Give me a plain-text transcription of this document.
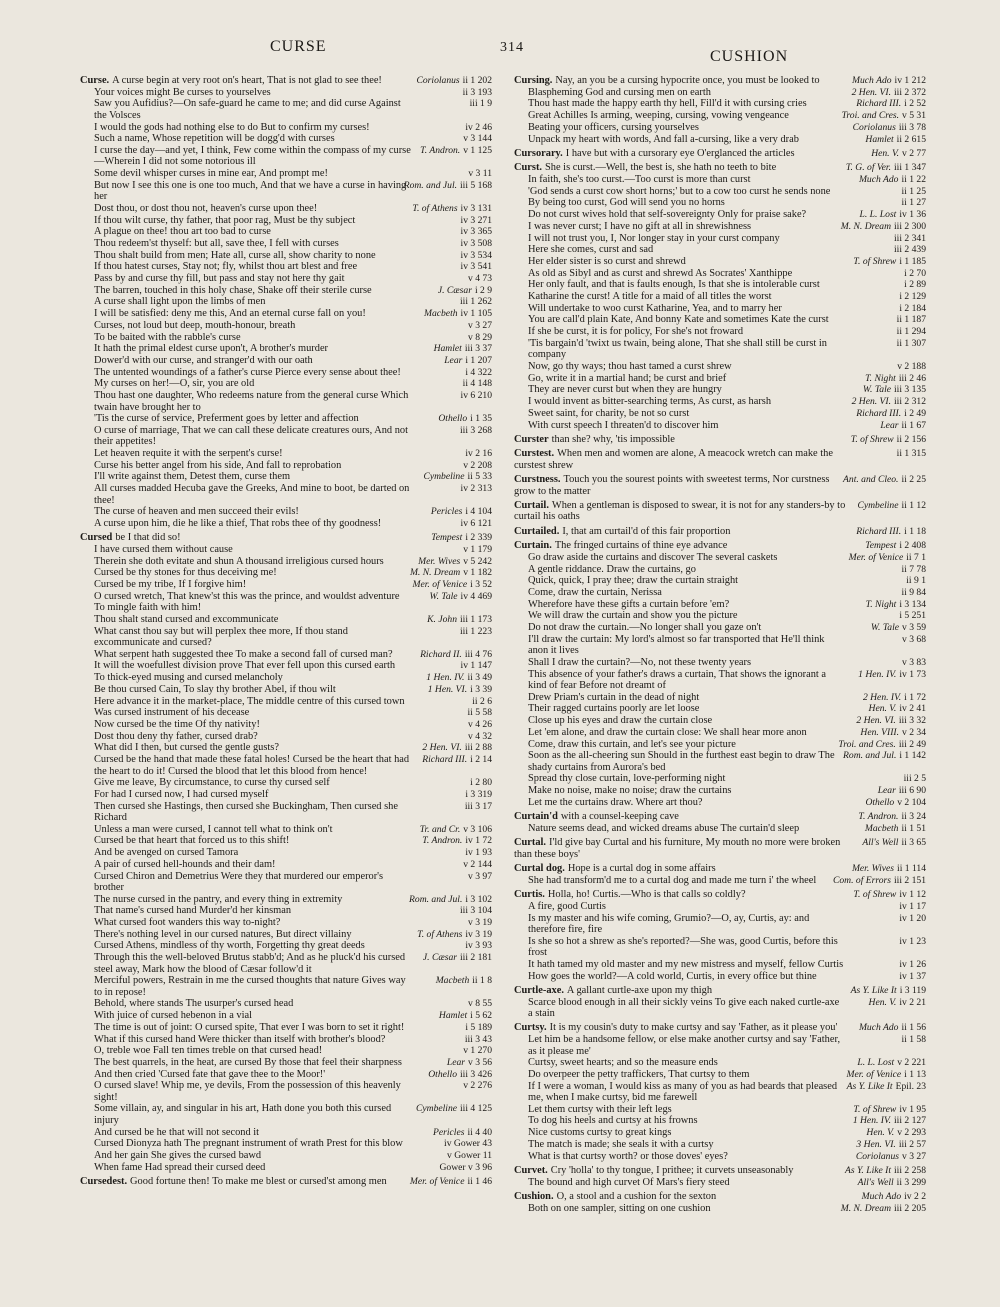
CURSE	314
CUSHION
Curse. A curse begin at very root on's heart, That is not glad to see thee!	Coriolanus ii 1 202
Your voices might Be curses to yourselves	ii 3 193
Saw you Aufidius?—On safe-guard he came to me; and did curse Against the Volsces
iii 1 9
I would the gods had nothing else to do But to confirm my curses!	iv 2 46
Such a name, Whose repetition will be dogg'd with curses	v 3 144
I curse the day—and yet, I think, Few come within the compass of my curse—Wherein I did not some notorious ill
T. Andron. v 1 125
Some devil whisper curses in mine ear, And prompt me!	v 3 11
But now I see this one is one too much, And that we have a curse in having her
Rom. and Jul. iii 5 168
Dost thou, or dost thou not, heaven's curse upon thee!	T. of Athens iv 3 131
If thou wilt curse, thy father, that poor rag, Must be thy subject	iv 3 271
A plague on thee! thou art too bad to curse	iv 3 365
Thou redeem'st thyself: but all, save thee, I fell with curses	iv 3 508
Thou shalt build from men; Hate all, curse all, show charity to none	iv 3 534
If thou hatest curses, Stay not; fly, whilst thou art blest and free	iv 3 541
Pass by and curse thy fill, but pass and stay not here thy gait	v 4 73
The barren, touched in this holy chase, Shake off their sterile curse	J. Cæsar i 2 9
A curse shall light upon the limbs of men	iii 1 262
I will be satisfied: deny me this, And an eternal curse fall on you!	Macbeth iv 1 105
Curses, not loud but deep, mouth-honour, breath	v 3 27
To be baited with the rabble's curse	v 8 29
It hath the primal eldest curse upon't, A brother's murder	Hamlet iii 3 37
Dower'd with our curse, and stranger'd with our oath	Lear i 1 207
The untented woundings of a father's curse Pierce every sense about thee!	i 4 322
My curses on her!—O, sir, you are old	ii 4 148
Thou hast one daughter, Who redeems nature from the general curse Which twain have brought her to
iv 6 210
'Tis the curse of service, Preferment goes by letter and affection	Othello i 1 35
O curse of marriage, That we can call these delicate creatures ours, And not their appetites!
iii 3 268
Let heaven requite it with the serpent's curse!	iv 2 16
Curse his better angel from his side, And fall to reprobation	v 2 208
I'll write against them, Detest them, curse them	Cymbeline ii 5 33
All curses madded Hecuba gave the Greeks, And mine to boot, be darted on thee!
iv 2 313
The curse of heaven and men succeed their evils!	Pericles i 4 104
A curse upon him, die he like a thief, That robs thee of thy goodness!	iv 6 121
Cursed be I that did so!	Tempest i 2 339
I have cursed them without cause	v 1 179
Therein she doth evitate and shun A thousand irreligious cursed hours	Mer. Wives v 5 242
Cursed be thy stones for thus deceiving me!	M. N. Dream v 1 182
Cursed be my tribe, If I forgive him!	Mer. of Venice i 3 52
O cursed wretch, That knew'st this was the prince, and wouldst adventure To mingle faith with him!
W. Tale iv 4 469
Thou shalt stand cursed and excommunicate	K. John iii 1 173
What canst thou say but will perplex thee more, If thou stand excommunicate and cursed?
iii 1 223
What serpent hath suggested thee To make a second fall of cursed man?	Richard II. iii 4 76
It will the woefullest division prove That ever fell upon this cursed earth	iv 1 147
To thick-eyed musing and cursed melancholy	1 Hen. IV. ii 3 49
Be thou cursed Cain, To slay thy brother Abel, if thou wilt	1 Hen. VI. i 3 39
Here advance it in the market-place, The middle centre of this cursed town	ii 2 6
Was cursed instrument of his decease	ii 5 58
Now cursed be the time Of thy nativity!	v 4 26
Dost thou deny thy father, cursed drab?	v 4 32
What did I then, but cursed the gentle gusts?	2 Hen. VI. iii 2 88
Cursed be the hand that made these fatal holes! Cursed be the heart that had the heart to do it! Cursed the blood that let this blood from hence!
Richard III. i 2 14
Give me leave, By circumstance, to curse thy cursed self	i 2 80
For had I cursed now, I had cursed myself	i 3 319
Then cursed she Hastings, then cursed she Buckingham, Then cursed she Richard
iii 3 17
Unless a man were cursed, I cannot tell what to think on't	Tr. and Cr. v 3 106
Cursed be that heart that forced us to this shift!	T. Andron. iv 1 72
And be avenged on cursed Tamora	iv 1 93
A pair of cursed hell-hounds and their dam!	v 2 144
Cursed Chiron and Demetrius Were they that murdered our emperor's brother
v 3 97
The nurse cursed in the pantry, and every thing in extremity	Rom. and Jul. i 3 102
That name's cursed hand Murder'd her kinsman	iii 3 104
What cursed foot wanders this way to-night?	v 3 19
There's nothing level in our cursed natures, But direct villainy	T. of Athens iv 3 19
Cursed Athens, mindless of thy worth, Forgetting thy great deeds	iv 3 93
Through this the well-beloved Brutus stabb'd; And as he pluck'd his cursed steel away, Mark how the blood of Cæsar follow'd it
J. Cæsar iii 2 181
Merciful powers, Restrain in me the cursed thoughts that nature Gives way to in repose!
Macbeth ii 1 8
Behold, where stands The usurper's cursed head	v 8 55
With juice of cursed hebenon in a vial	Hamlet i 5 62
The time is out of joint: O cursed spite, That ever I was born to set it right!	i 5 189
What if this cursed hand Were thicker than itself with brother's blood?	iii 3 43
O, treble woe Fall ten times treble on that cursed head!	v 1 270
The best quarrels, in the heat, are cursed By those that feel their sharpness	Lear v 3 56
And then cried 'Cursed fate that gave thee to the Moor!'	Othello iii 3 426
O cursed slave! Whip me, ye devils, From the possession of this heavenly sight!
v 2 276
Some villain, ay, and singular in his art, Hath done you both this cursed injury
Cymbeline iii 4 125
And cursed be he that will not second it	Pericles ii 4 40
Cursed Dionyza hath The pregnant instrument of wrath Prest for this blow	iv Gower 43
And her gain She gives the cursed bawd	v Gower 11
When fame Had spread their cursed deed	Gower v 3 96
Cursedest. Good fortune then! To make me blest or cursed'st among men Mer. of Venice ii 1 46
Cursing. Nay, an you be a cursing hypocrite once, you must be looked to	Much Ado iv 1 212
Blaspheming God and cursing men on earth	2 Hen. VI. iii 2 372
Thou hast made the happy earth thy hell, Fill'd it with cursing cries	Richard III. i 2 52
Great Achilles Is arming, weeping, cursing, vowing vengeance	Troi. and Cres. v 5 31
Beating your officers, cursing yourselves	Coriolanus iii 3 78
Unpack my heart with words, And fall a-cursing, like a very drab	Hamlet ii 2 615
Cursorary. I have but with a cursorary eye O'erglanced the articles	Hen. V. v 2 77
Curst. She is curst.—Well, the best is, she hath no teeth to bite	T. G. of Ver. iii 1 347
In faith, she's too curst.—Too curst is more than curst	Much Ado ii 1 22
'God sends a curst cow short horns;' but to a cow too curst he sends none	ii 1 25
By being too curst, God will send you no horns	ii 1 27
Do not curst wives hold that self-sovereignty Only for praise sake?	L. L. Lost iv 1 36
I was never curst; I have no gift at all in shrewishness	M. N. Dream iii 2 300
I will not trust you, I, Nor longer stay in your curst company	iii 2 341
Here she comes, curst and sad	iii 2 439
Her elder sister is so curst and shrewd	T. of Shrew i 1 185
As old as Sibyl and as curst and shrewd As Socrates' Xanthippe	i 2 70
Her only fault, and that is faults enough, Is that she is intolerable curst	i 2 89
Katharine the curst! A title for a maid of all titles the worst	i 2 129
Will undertake to woo curst Katharine, Yea, and to marry her	i 2 184
You are call'd plain Kate, And bonny Kate and sometimes Kate the curst	ii 1 187
If she be curst, it is for policy, For she's not froward	ii 1 294
'Tis bargain'd 'twixt us twain, being alone, That she shall still be curst in company
ii 1 307
Now, go thy ways; thou hast tamed a curst shrew	v 2 188
Go, write it in a martial hand; be curst and brief	T. Night iii 2 46
They are never curst but when they are hungry	W. Tale iii 3 135
I would invent as bitter-searching terms, As curst, as harsh	2 Hen. VI. iii 2 312
Sweet saint, for charity, be not so curst	Richard III. i 2 49
With curst speech I threaten'd to discover him	Lear ii 1 67
Curster than she? why, 'tis impossible	T. of Shrew ii 2 156
Curstest. When men and women are alone, A meacock wretch can make the curstest shrew
ii 1 315
Curstness. Touch you the sourest points with sweetest terms, Nor curstness grow to the matter
Ant. and Cleo. ii 2 25
Curtail. When a gentleman is disposed to swear, it is not for any standers-by to curtail his oaths
Cymbeline ii 1 12
Curtailed. I, that am curtail'd of this fair proportion	Richard III. i 1 18
Curtain. The fringed curtains of thine eye advance	Tempest i 2 408
Go draw aside the curtains and discover The several caskets	Mer. of Venice ii 7 1
A gentle riddance. Draw the curtains, go	ii 7 78
Quick, quick, I pray thee; draw the curtain straight	ii 9 1
Come, draw the curtain, Nerissa	ii 9 84
Wherefore have these gifts a curtain before 'em?	T. Night i 3 134
We will draw the curtain and show you the picture	i 5 251
Do not draw the curtain.—No longer shall you gaze on't	W. Tale v 3 59
I'll draw the curtain: My lord's almost so far transported that He'll think anon it lives
v 3 68
Shall I draw the curtain?—No, not these twenty years	v 3 83
This absence of your father's draws a curtain, That shows the ignorant a kind of fear Before not dreamt of
1 Hen. IV. iv 1 73
Drew Priam's curtain in the dead of night	2 Hen. IV. i 1 72
Their ragged curtains poorly are let loose	Hen. V. iv 2 41
Close up his eyes and draw the curtain close	2 Hen. VI. iii 3 32
Let 'em alone, and draw the curtain close: We shall hear more anon	Hen. VIII. v 2 34
Come, draw this curtain, and let's see your picture	Troi. and Cres. iii 2 49
Soon as the all-cheering sun Should in the furthest east begin to draw The shady curtains from Aurora's bed
Rom. and Jul. i 1 142
Spread thy close curtain, love-performing night	iii 2 5
Make no noise, make no noise; draw the curtains	Lear iii 6 90
Let me the curtains draw. Where art thou?	Othello v 2 104
Curtain'd with a counsel-keeping cave	T. Andron. ii 3 24
Nature seems dead, and wicked dreams abuse The curtain'd sleep	Macbeth ii 1 51
Curtal. I'ld give bay Curtal and his furniture, My mouth no more were broken than these boys'
All's Well ii 3 65
Curtal dog. Hope is a curtal dog in some affairs	Mer. Wives ii 1 114
She had transform'd me to a curtal dog and made me turn i' the wheel Com. of Errors iii 2 151
Curtis. Holla, ho! Curtis.—Who is that calls so coldly?	T. of Shrew iv 1 12
A fire, good Curtis	iv 1 17
Is my master and his wife coming, Grumio?—O, ay, Curtis, ay: and therefore fire, fire
iv 1 20
Is she so hot a shrew as she's reported?—She was, good Curtis, before this frost
iv 1 23
It hath tamed my old master and my new mistress and myself, fellow Curtis	iv 1 26
How goes the world?—A cold world, Curtis, in every office but thine	iv 1 37
Curtle-axe. A gallant curtle-axe upon my thigh	As Y. Like It i 3 119
Scarce blood enough in all their sickly veins To give each naked curtle-axe a stain
Hen. V. iv 2 21
Curtsy. It is my cousin's duty to make curtsy and say 'Father, as it please you' Much Ado ii 1 56
Let him be a handsome fellow, or else make another curtsy and say 'Father, as it please me'
ii 1 58
Curtsy, sweet hearts; and so the measure ends	L. L. Lost v 2 221
Do overpeer the petty traffickers, That curtsy to them	Mer. of Venice i 1 13
If I were a woman, I would kiss as many of you as had beards that pleased me, when I make curtsy, bid me farewell
As Y. Like It Epil. 23
Let them curtsy with their left legs	T. of Shrew iv 1 95
To dog his heels and curtsy at his frowns	1 Hen. IV. iii 2 127
Nice customs curtsy to great kings	Hen. V. v 2 293
The match is made; she seals it with a curtsy	3 Hen. VI. iii 2 57
What is that curtsy worth? or those doves' eyes?	Coriolanus v 3 27
Curvet. Cry 'holla' to thy tongue, I prithee; it curvets unseasonably	As Y. Like It iii 2 258
The bound and high curvet Of Mars's fiery steed	All's Well ii 3 299
Cushion. O, a stool and a cushion for the sexton	Much Ado iv 2 2
Both on one sampler, sitting on one cushion	M. N. Dream iii 2 205
